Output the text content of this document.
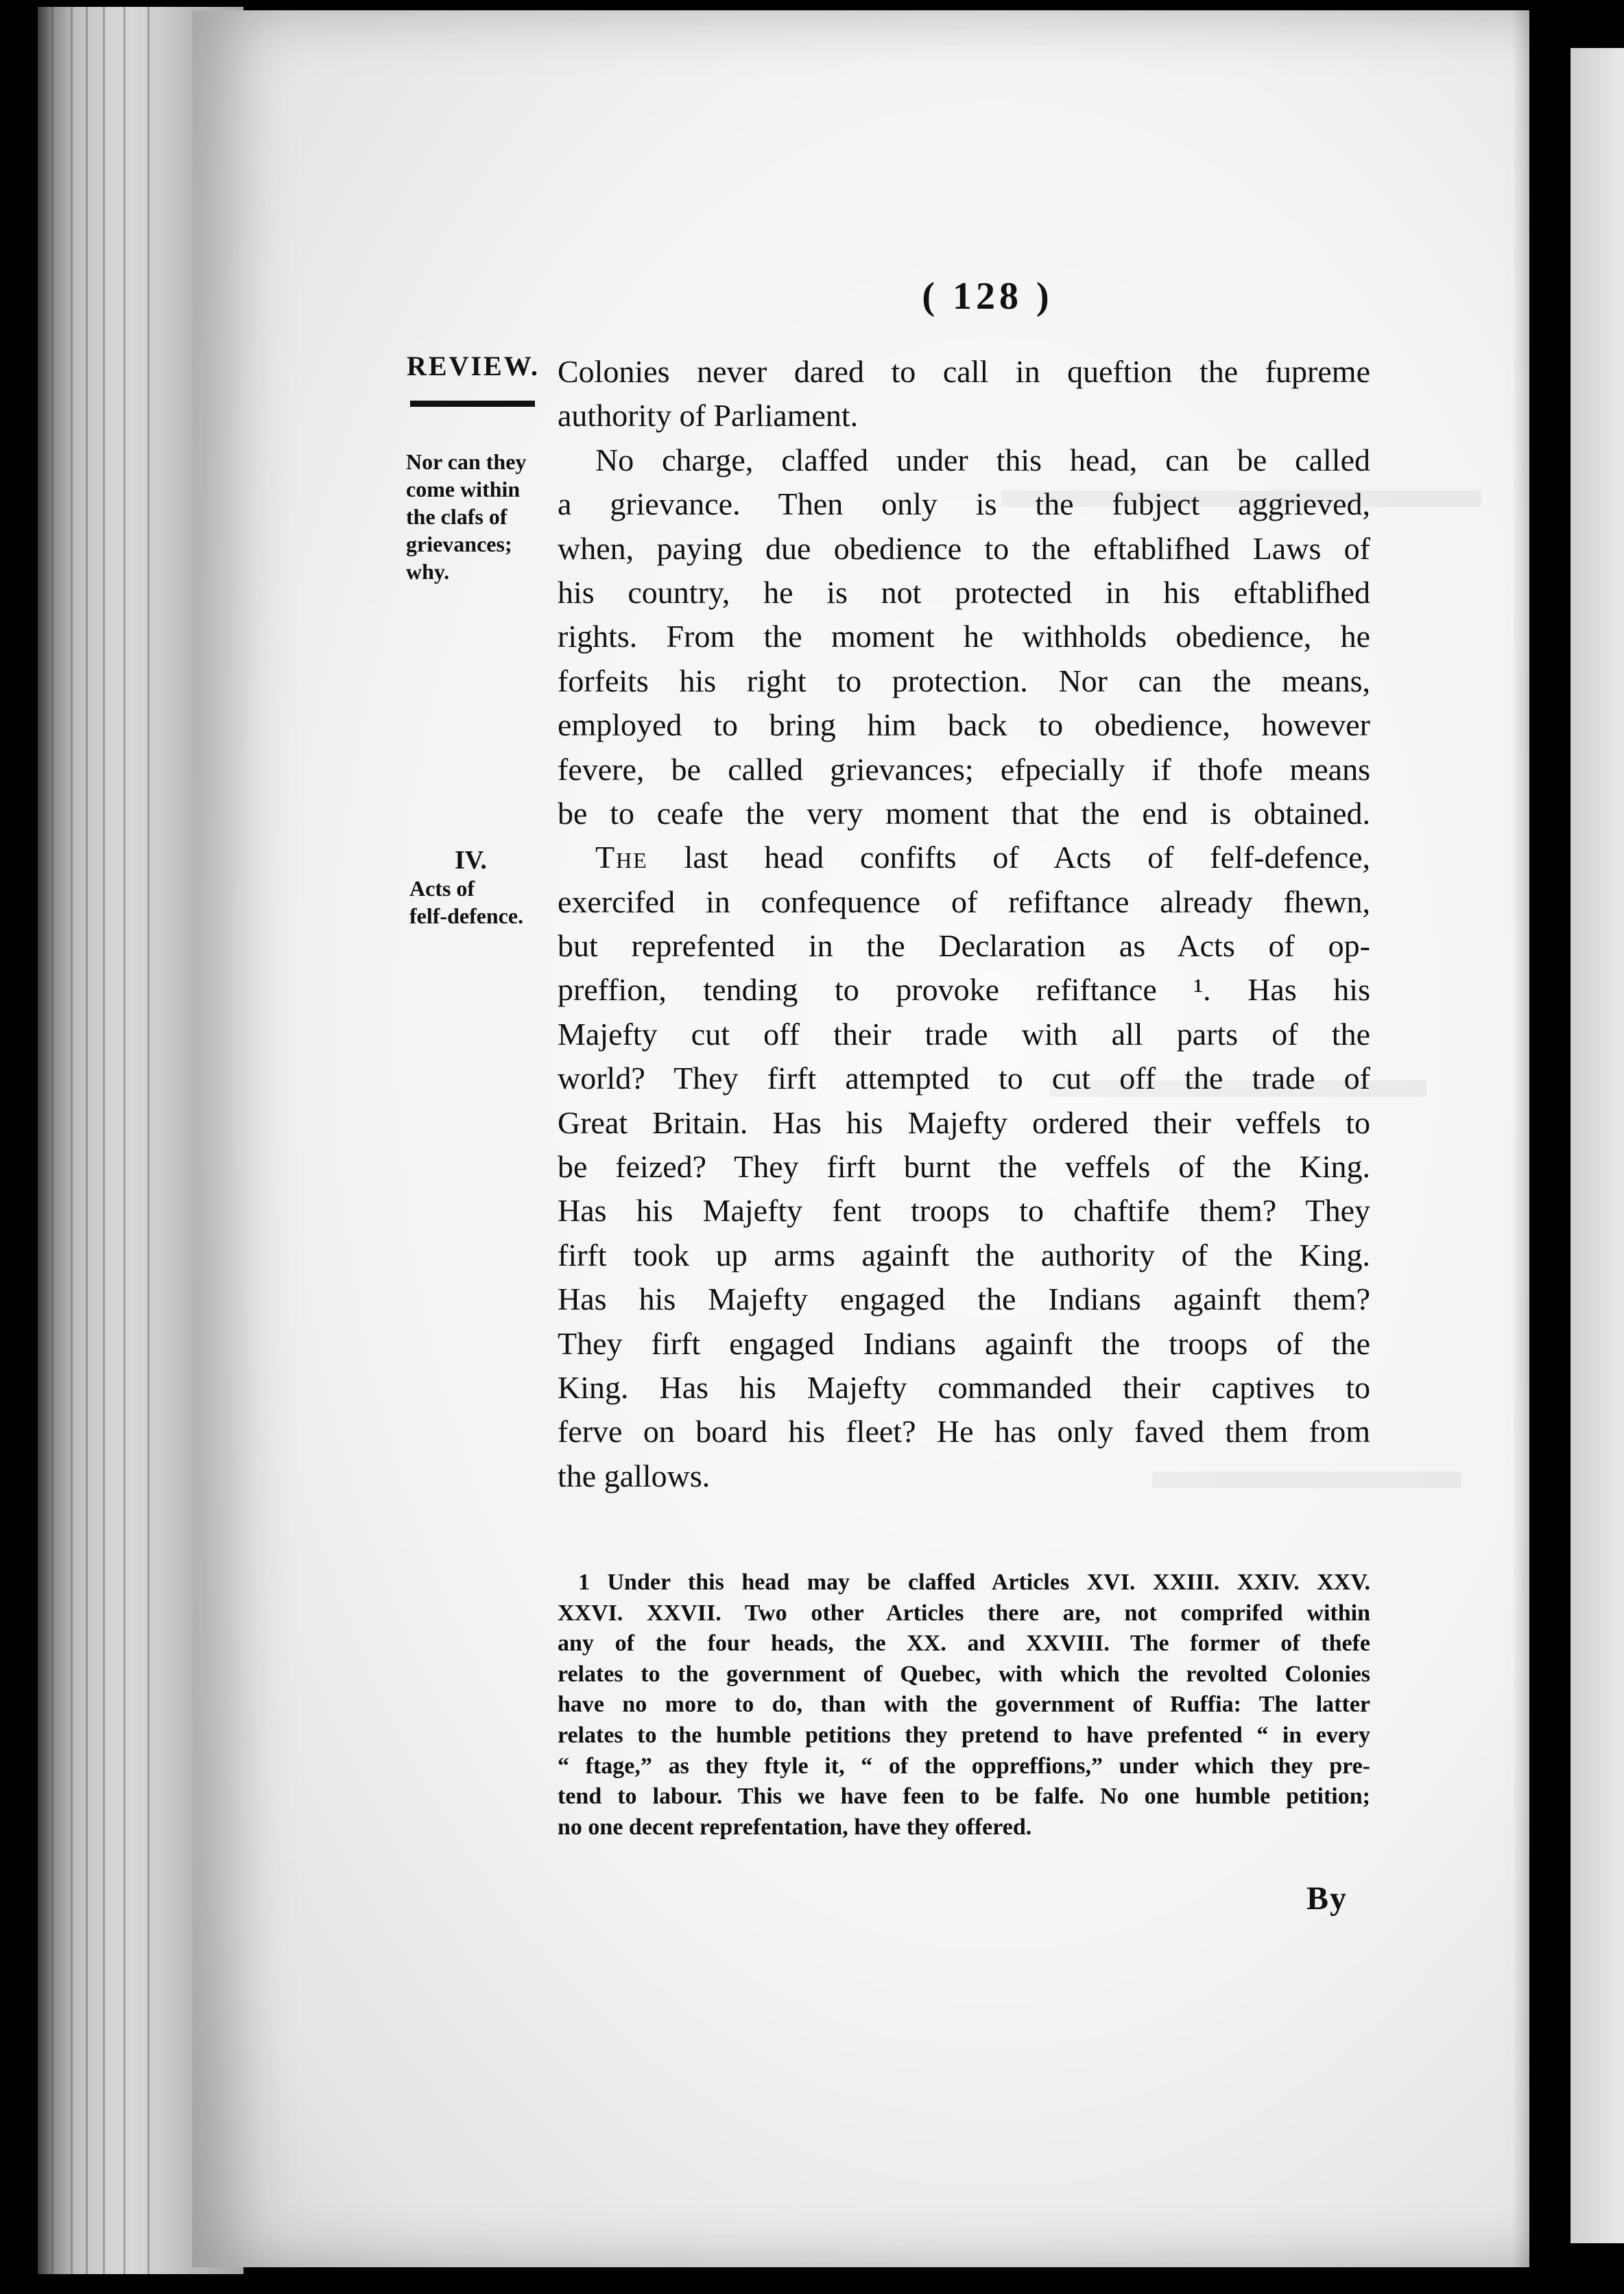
( 128 )
REVIEW.
Nor can they
come within
the clafs of
grievances;
why.
IV.
Acts of
felf-defence.
Colonies never dared to call in queftion the fupreme
authority of Parliament.
No charge, claffed under this head, can be called
a grievance. Then only is the fubject aggrieved,
when, paying due obedience to the eftablifhed Laws of
his country, he is not protected in his eftablifhed
rights. From the moment he withholds obedience, he
forfeits his right to protection. Nor can the means,
employed to bring him back to obedience, however
fevere, be called grievances; efpecially if thofe means
be to ceafe the very moment that the end is obtained.
The last head confifts of Acts of felf-defence,
exercifed in confequence of refiftance already fhewn,
but reprefented in the Declaration as Acts of op-
preffion, tending to provoke refiftance ¹. Has his
Majefty cut off their trade with all parts of the
world? They firft attempted to cut off the trade of
Great Britain. Has his Majefty ordered their veffels to
be feized? They firft burnt the veffels of the King.
Has his Majefty fent troops to chaftife them? They
firft took up arms againft the authority of the King.
Has his Majefty engaged the Indians againft them?
They firft engaged Indians againft the troops of the
King. Has his Majefty commanded their captives to
ferve on board his fleet? He has only faved them from
the gallows.
1 Under this head may be claffed Articles XVI. XXIII. XXIV. XXV.
XXVI. XXVII. Two other Articles there are, not comprifed within
any of the four heads, the XX. and XXVIII. The former of thefe
relates to the government of Quebec, with which the revolted Colonies
have no more to do, than with the government of Ruffia: The latter
relates to the humble petitions they pretend to have prefented “ in every
“ ftage,” as they ftyle it, “ of the oppreffions,” under which they pre-
tend to labour. This we have feen to be falfe. No one humble petition;
no one decent reprefentation, have they offered.
By
